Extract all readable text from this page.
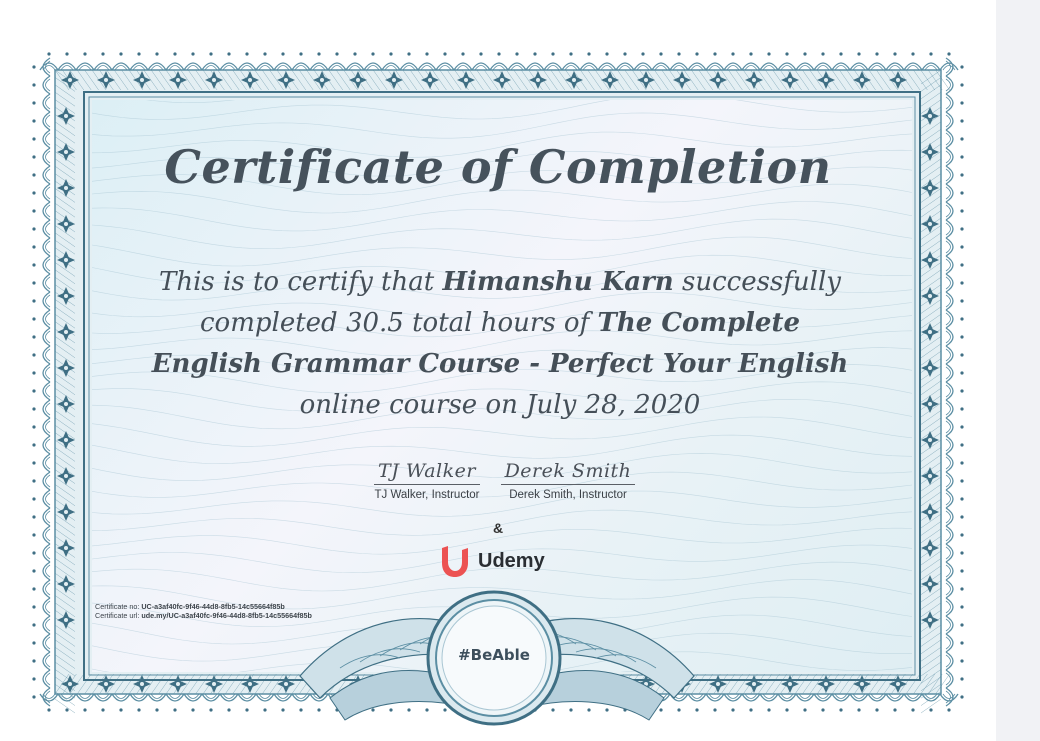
Certificate of Completion
This is to certify that Himanshu Karn successfully
completed 30.5 total hours of The Complete
English Grammar Course - Perfect Your English
online course on July 28, 2020
TJ Walker
TJ Walker, Instructor
Derek Smith
Derek Smith, Instructor
&
Udemy
Certificate no: UC-a3af40fc-9f46-44d8-8fb5-14c55664f85b
Certificate url: ude.my/UC-a3af40fc-9f46-44d8-8fb5-14c55664f85b
#BeAble
